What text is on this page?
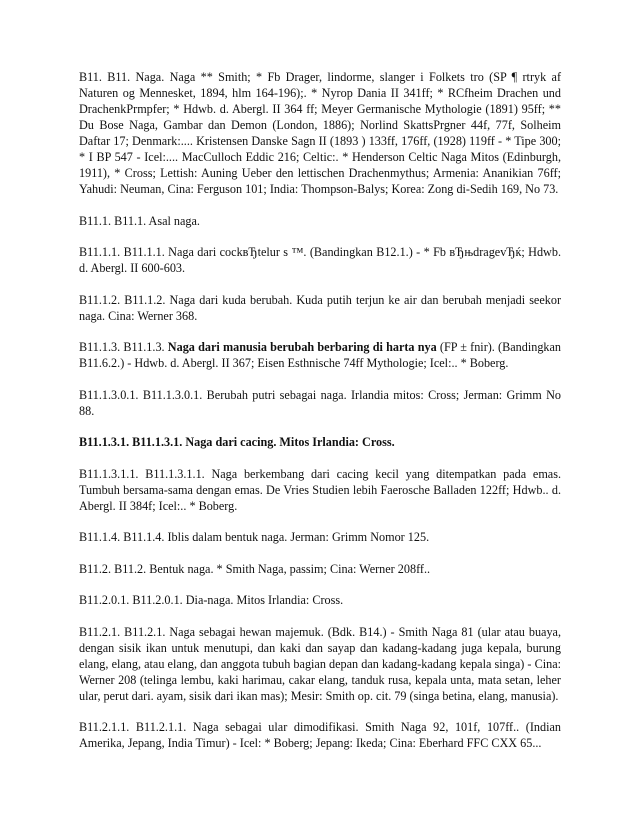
B11. B11. Naga. Naga ** Smith; * Fb Drager, lindorme, slanger i Folkets tro (SP ¶ rtryk af Naturen og Mennesket, 1894, hlm 164-196);. * Nyrop Dania II 341ff; * RCfheim Drachen und DrachenkPrmpfer; * Hdwb. d. Abergl. II 364 ff; Meyer Germanische Mythologie (1891) 95ff; ** Du Bose Naga, Gambar dan Demon (London, 1886); Norlind SkattsPrgner 44f, 77f, Solheim Daftar 17; Denmark:.... Kristensen Danske Sagn II (1893 ) 133ff, 176ff, (1928) 119ff - * Tipe 300; * I BP 547 - Icel:.... MacCulloch Eddic 216; Celtic:. * Henderson Celtic Naga Mitos (Edinburgh, 1911), * Cross; Lettish: Auning Ueber den lettischen Drachenmythus; Armenia: Ananikian 76ff; Yahudi: Neuman, Cina: Ferguson 101; India: Thompson-Balys; Korea: Zong di-Sedih 169, No 73.

B11.1. B11.1. Asal naga.

B11.1.1. B11.1.1. Naga dari cockвЂtelur s ™. (Bandingkan B12.1.) - * Fb вЂњdragevЂќ; Hdwb. d. Abergl. II 600-603.

B11.1.2. B11.1.2. Naga dari kuda berubah. Kuda putih terjun ke air dan berubah menjadi seekor naga. Cina: Werner 368.

B11.1.3. B11.1.3. Naga dari manusia berubah berbaring di harta nya (FP ± fnir). (Bandingkan B11.6.2.) - Hdwb. d. Abergl. II 367; Eisen Esthnische 74ff Mythologie; Icel:.. * Boberg.

B11.1.3.0.1. B11.1.3.0.1. Berubah putri sebagai naga. Irlandia mitos: Cross; Jerman: Grimm No 88.

B11.1.3.1. B11.1.3.1. Naga dari cacing. Mitos Irlandia: Cross.

B11.1.3.1.1. B11.1.3.1.1. Naga berkembang dari cacing kecil yang ditempatkan pada emas. Tumbuh bersama-sama dengan emas. De Vries Studien lebih Faerosche Balladen 122ff; Hdwb.. d. Abergl. II 384f; Icel:.. * Boberg.

B11.1.4. B11.1.4. Iblis dalam bentuk naga. Jerman: Grimm Nomor 125.

B11.2. B11.2. Bentuk naga. * Smith Naga, passim; Cina: Werner 208ff..

B11.2.0.1. B11.2.0.1. Dia-naga. Mitos Irlandia: Cross.

B11.2.1. B11.2.1. Naga sebagai hewan majemuk. (Bdk. B14.) - Smith Naga 81 (ular atau buaya, dengan sisik ikan untuk menutupi, dan kaki dan sayap dan kadang-kadang juga kepala, burung elang, elang, atau elang, dan anggota tubuh bagian depan dan kadang-kadang kepala singa) - Cina: Werner 208 (telinga lembu, kaki harimau, cakar elang, tanduk rusa, kepala unta, mata setan, leher ular, perut dari. ayam, sisik dari ikan mas); Mesir: Smith op. cit. 79 (singa betina, elang, manusia).

B11.2.1.1. B11.2.1.1. Naga sebagai ular dimodifikasi. Smith Naga 92, 101f, 107ff.. (Indian Amerika, Jepang, India Timur) - Icel: * Boberg; Jepang: Ikeda; Cina: Eberhard FFC CXX 65...
